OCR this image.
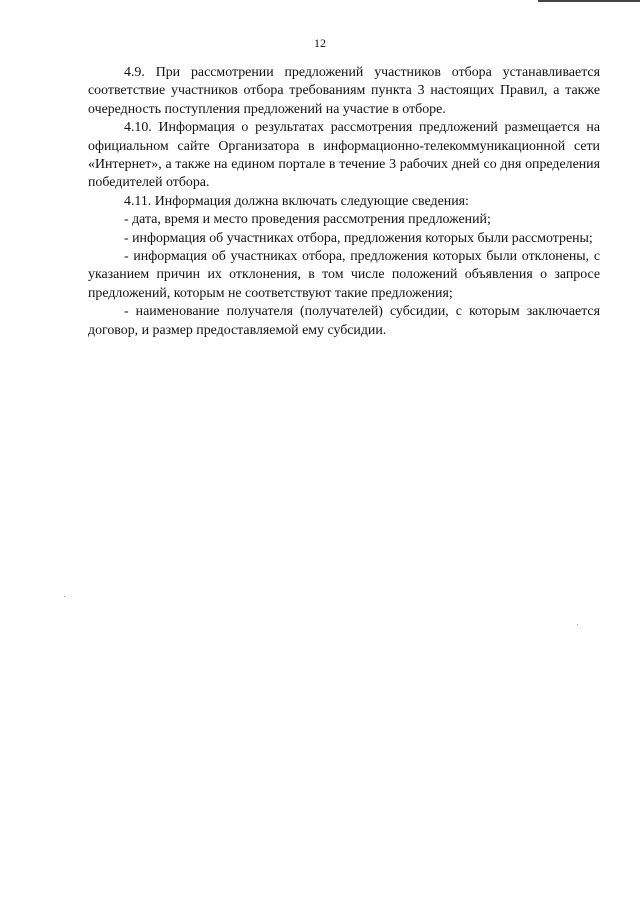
12

4.9. При рассмотрении предложений участников отбора устанавливается соответствие участников отбора требованиям пункта 3 настоящих Правил, а также очередность поступления предложений на участие в отборе.

4.10. Информация о результатах рассмотрения предложений размещается на официальном сайте Организатора в информационно-телекоммуникационной сети «Интернет», а также на едином портале в течение 3 рабочих дней со дня определения победителей отбора.

4.11. Информация должна включать следующие сведения:

- дата, время и место проведения рассмотрения предложений;

- информация об участниках отбора, предложения которых были рассмотрены;

- информация об участниках отбора, предложения которых были отклонены, с указанием причин их отклонения, в том числе положений объявления о запросе предложений, которым не соответствуют такие предложения;

- наименование получателя (получателей) субсидии, с которым заключается договор, и размер предоставляемой ему субсидии.
